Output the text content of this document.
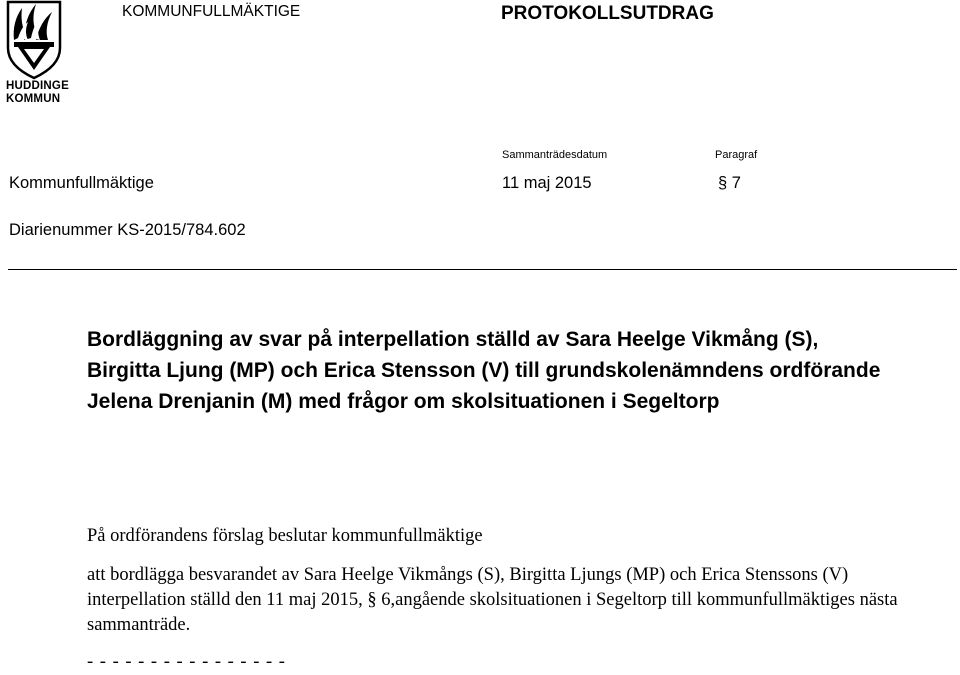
HUDDINGE
KOMMUN
KOMMUNFULLMÄKTIGE	PROTOKOLLSUTDRAG
Sammanträdesdatum	Paragraf
Kommunfullmäktige	11 maj 2015	§ 7
Diarienummer KS-2015/784.602
Bordläggning av svar på interpellation ställd av Sara Heelge Vikmång (S), Birgitta Ljung (MP) och Erica Stensson (V) till grundskolenämndens ordförande Jelena Drenjanin (M) med frågor om skolsituationen i Segeltorp
På ordförandens förslag beslutar kommunfullmäktige
att bordlägga besvarandet av Sara Heelge Vikmångs (S), Birgitta Ljungs (MP) och Erica Stenssons (V) interpellation ställd den 11 maj 2015, § 6,angående skolsituationen i Segeltorp till kommunfullmäktiges nästa sammanträde.
- - - - - - - - - - - - - - - -
